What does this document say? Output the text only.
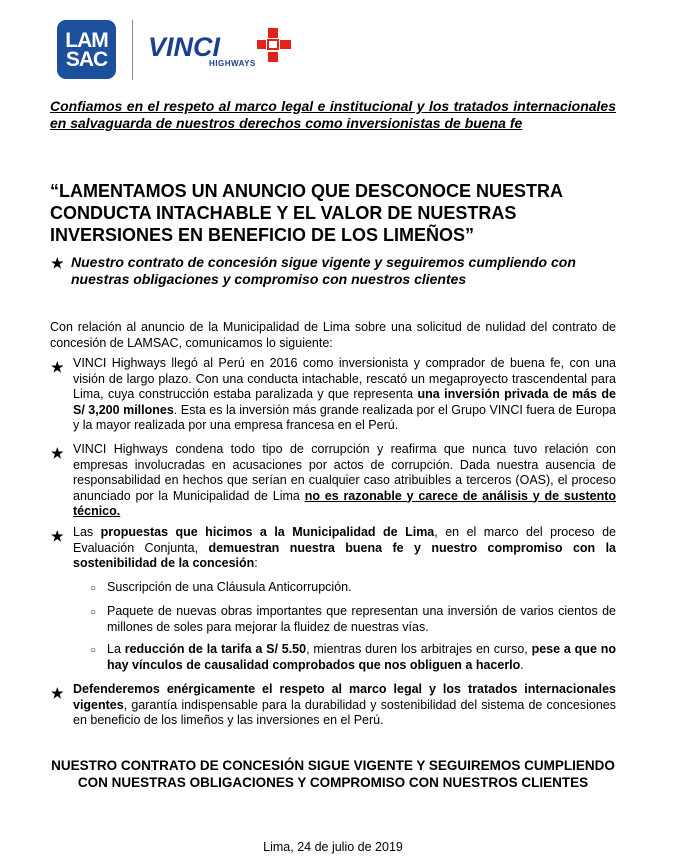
LAM
SAC VINCI
HIGHWAYS
Confiamos en el respeto al marco legal e institucional y los tratados internacionales en salvaguarda de nuestros derechos como inversionistas de buena fe
“LAMENTAMOS UN ANUNCIO QUE DESCONOCE NUESTRA CONDUCTA INTACHABLE Y EL VALOR DE NUESTRAS INVERSIONES EN BENEFICIO DE LOS LIMEÑOS”
★ Nuestro contrato de concesión sigue vigente y seguiremos cumpliendo con nuestras obligaciones y compromiso con nuestros clientes
Con relación al anuncio de la Municipalidad de Lima sobre una solicitud de nulidad del contrato de concesión de LAMSAC, comunicamos lo siguiente:
★ VINCI Highways llegó al Perú en 2016 como inversionista y comprador de buena fe, con una visión de largo plazo. Con una conducta intachable, rescató un megaproyecto trascendental para Lima, cuya construcción estaba paralizada y que representa una inversión privada de más de S/ 3,200 millones. Esta es la inversión más grande realizada por el Grupo VINCI fuera de Europa y la mayor realizada por una empresa francesa en el Perú.
★ VINCI Highways condena todo tipo de corrupción y reafirma que nunca tuvo relación con empresas involucradas en acusaciones por actos de corrupción. Dada nuestra ausencia de responsabilidad en hechos que serían en cualquier caso atribuibles a terceros (OAS), el proceso anunciado por la Municipalidad de Lima no es razonable y carece de análisis y de sustento técnico.
★ Las propuestas que hicimos a la Municipalidad de Lima, en el marco del proceso de Evaluación Conjunta, demuestran nuestra buena fe y nuestro compromiso con la sostenibilidad de la concesión:
○ Suscripción de una Cláusula Anticorrupción.
○ Paquete de nuevas obras importantes que representan una inversión de varios cientos de millones de soles para mejorar la fluidez de nuestras vías.
○ La reducción de la tarifa a S/ 5.50, mientras duren los arbitrajes en curso, pese a que no hay vínculos de causalidad comprobados que nos obliguen a hacerlo.
★ Defenderemos enérgicamente el respeto al marco legal y los tratados internacionales vigentes, garantía indispensable para la durabilidad y sostenibilidad del sistema de concesiones en beneficio de los limeños y las inversiones en el Perú.
NUESTRO CONTRATO DE CONCESIÓN SIGUE VIGENTE Y SEGUIREMOS CUMPLIENDO CON NUESTRAS OBLIGACIONES Y COMPROMISO CON NUESTROS CLIENTES
Lima, 24 de julio de 2019
